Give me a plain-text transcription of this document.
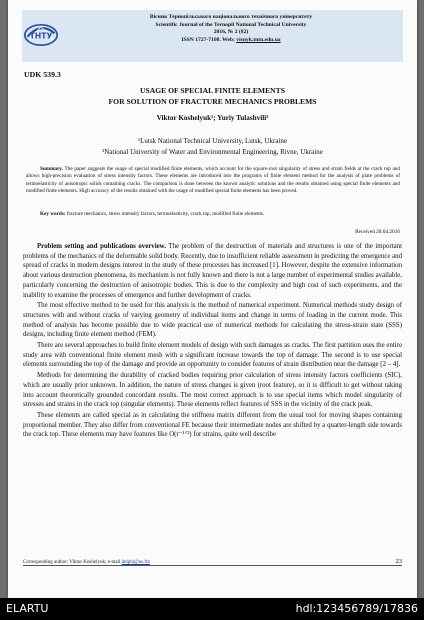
ТНТУ
Вісник Тернопільського національного технічного університету
Scientific Journal of the Ternopil National Technical University
2016, № 2 (82)
ISSN 1727-7108. Web: visnyk.tntu.edu.ua
UDK 539.3
USAGE OF SPECIAL FINITE ELEMENTS
FOR SOLUTION OF FRACTURE MECHANICS PROBLEMS
Viktor Koshelyuk¹; Yuriy Tulashvili²
¹Lutsk National Technical University, Lutsk, Ukraine
²National University of Water and Environmental Engineering, Rivne, Ukraine
Summary. The paper suggests the usage of special modified finite elements, which account for the square-root singularity of stress and strain fields at the crack top and allows high-precision evaluation of stress intensity factors. These elements are introduced into the programs of finite element method for the analysis of plate problems of termoelasticity of anisotropic solids containing cracks. The comparison is done between the known analytic solutions and the results obtained using special finite elements and modified finite elements. High accuracy of the results obtained with the usage of modified special finite elements has been proved.
Key words: fracture mechanics, stress intensity factors, termoelasticity, crack top, modified finite elements.
Received 20.04.2016

Problem setting and publications overview. The problem of the destruction of materials and structures is one of the important problems of the mechanics of the deformable solid body. Recently, due to insufficient reliable assessment in predicting the emergence and spread of cracks in modern designs interest in the study of these processes has increased [1]. However, despite the extensive information about various destruction phenomena, its mechanism is not fully known and there is not a large number of experimental studies available, particularly concerning the destruction of anisotropic bodies. This is due to the complexity and high cost of such experiments, and the inability to examine the processes of emergence and further development of cracks.

The most effective method to be used for this analysis is the method of numerical experiment. Numerical methods study design of structures with and without cracks of varying geometry of individual items and change in terms of loading in the current mode. This method of analysis has become possible due to wide practical use of numerical methods for calculating the stress-strain state (SSS) designs, including finite element method (FEM).

There are several approaches to build finite element models of design with such damages as cracks. The first partition uses the entire study area with conventional finite element mesh with a significant increase towards the top of damage. The second is to use special elements surrounding the top of the damage and provide an opportunity to consider features of strain distribution near the damage [2 – 4].

Methods for determining the durability of cracked bodies requiring prior calculation of stress intensity factors coefficients (SIC), which are usually prior unknown. In addition, the nature of stress changes is given (root feature), so it is difficult to get without taking into account theoretically grounded concordant results. The most correct approach is to use special items which model singularity of stresses and strains in the crack top (singular elements). These elements reflect features of SSS in the vicinity of the crack peak.

These elements are called special as in calculating the stiffness matrix different from the usual tool for moving shapes containing proportional member. They also differ from conventional FE because their intermediate nodes are shifted by a quarter-length side towards the crack top. These elements may have features like O(r⁻¹ᐟ²) for strains, quite well describe

Corresponding author: Viktor Koshelyuk; e-mail delphi@us.fm	23
ELARTU	hdl:123456789/17836
